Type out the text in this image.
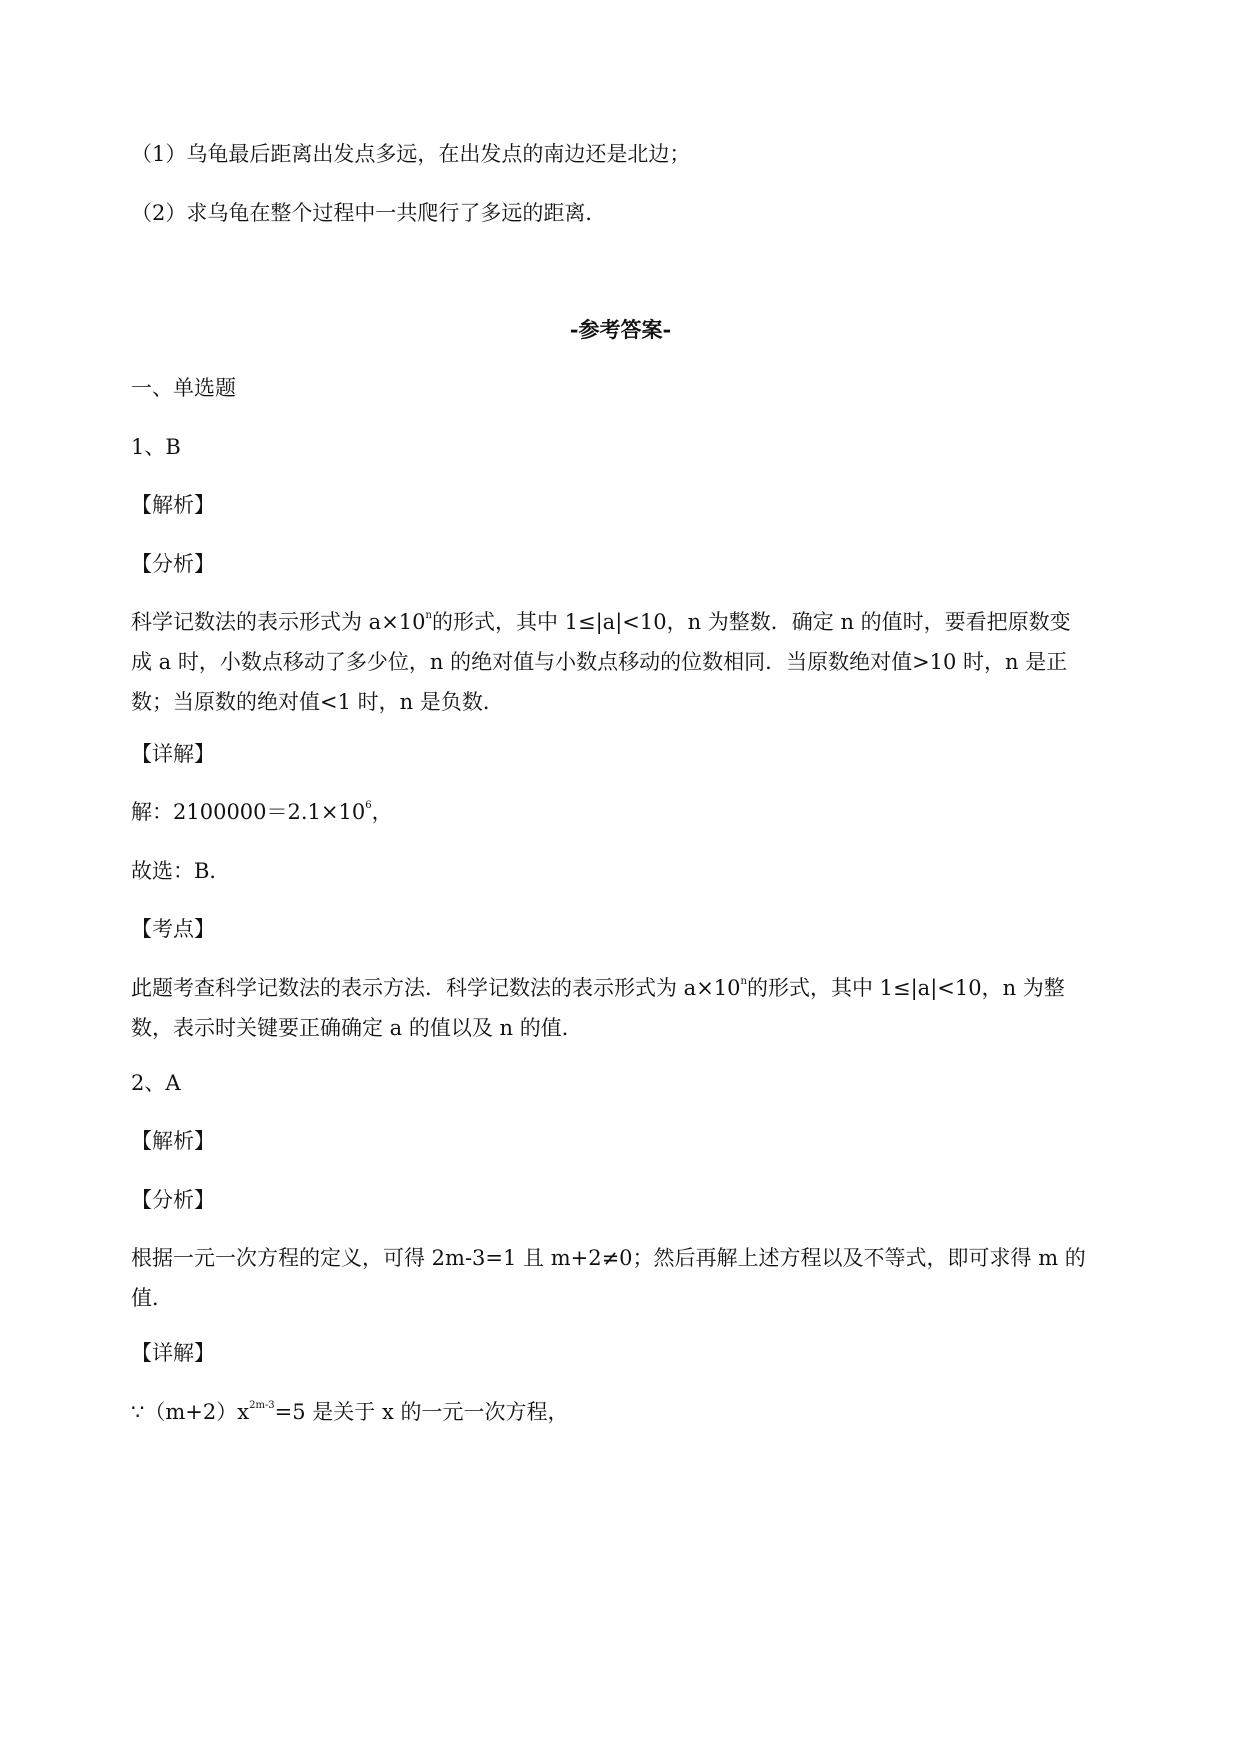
（1）乌龟最后距离出发点多远，在出发点的南边还是北边；

（2）求乌龟在整个过程中一共爬行了多远的距离．

-参考答案-

一、单选题

1、B

【解析】

【分析】

科学记数法的表示形式为 $a\times 10^n$的形式，其中 1≤|a|<10，n 为整数．确定 n 的值时，要看把原数变
成 a 时，小数点移动了多少位，n 的绝对值与小数点移动的位数相同．当原数绝对值>10 时，n 是正
数；当原数的绝对值<1 时，n 是负数．

【详解】

解：$2100000=2.1\times 10^6$，

故选：B．

【考点】

此题考查科学记数法的表示方法．科学记数法的表示形式为 $a\times 10^n$的形式，其中 1≤|a|<10，n 为整
数，表示时关键要正确确定 a 的值以及 n 的值．

2、A

【解析】

【分析】

根据一元一次方程的定义，可得 2m-3=1 且 m+2≠0；然后再解上述方程以及不等式，即可求得 m 的
值．

【详解】

$\because(m+2)x^{2m-3}=5$ 是关于 x 的一元一次方程，
